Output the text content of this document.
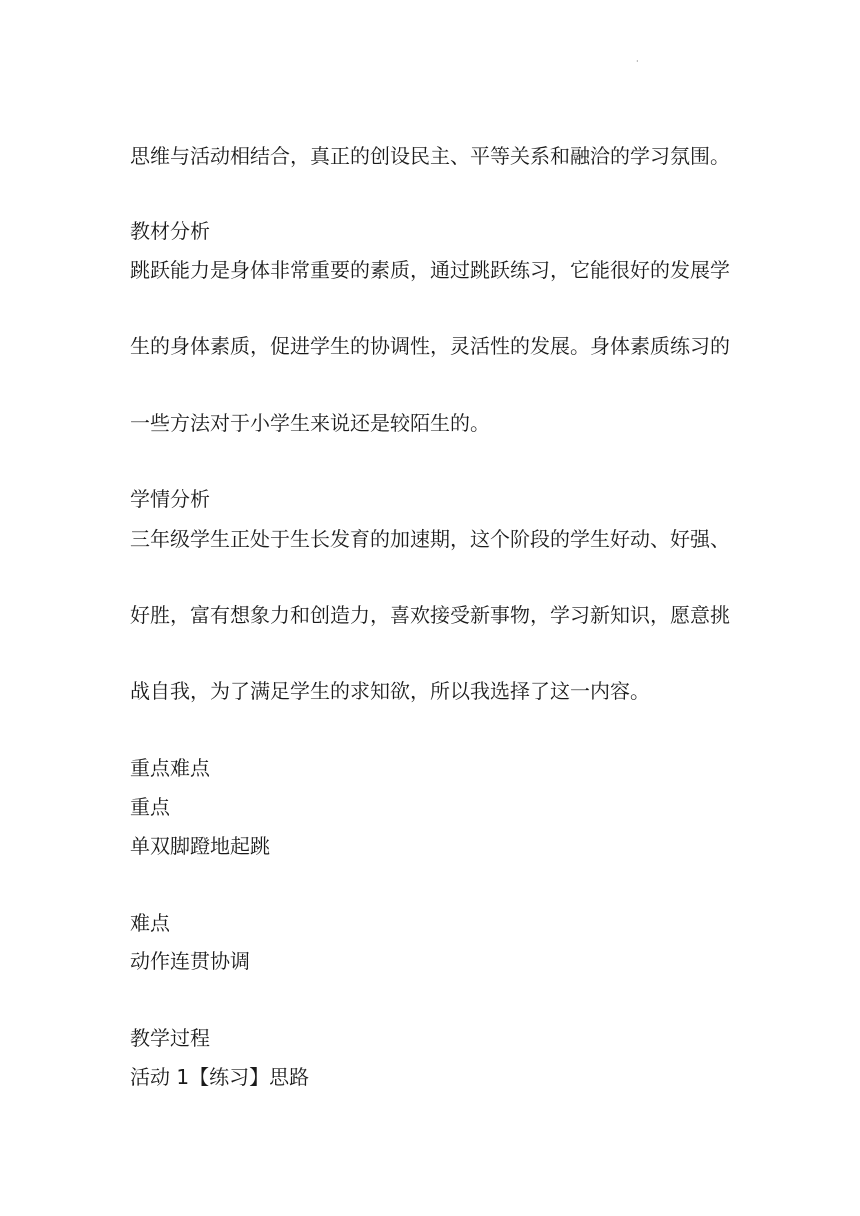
·

思维与活动相结合，真正的创设民主、平等关系和融洽的学习氛围。

教材分析

跳跃能力是身体非常重要的素质，通过跳跃练习，它能很好的发展学

生的身体素质，促进学生的协调性，灵活性的发展。身体素质练习的

一些方法对于小学生来说还是较陌生的。

学情分析

三年级学生正处于生长发育的加速期，这个阶段的学生好动、好强、

好胜，富有想象力和创造力，喜欢接受新事物，学习新知识，愿意挑

战自我，为了满足学生的求知欲，所以我选择了这一内容。

重点难点

重点

单双脚蹬地起跳

难点

动作连贯协调

教学过程

活动 1【练习】思路
